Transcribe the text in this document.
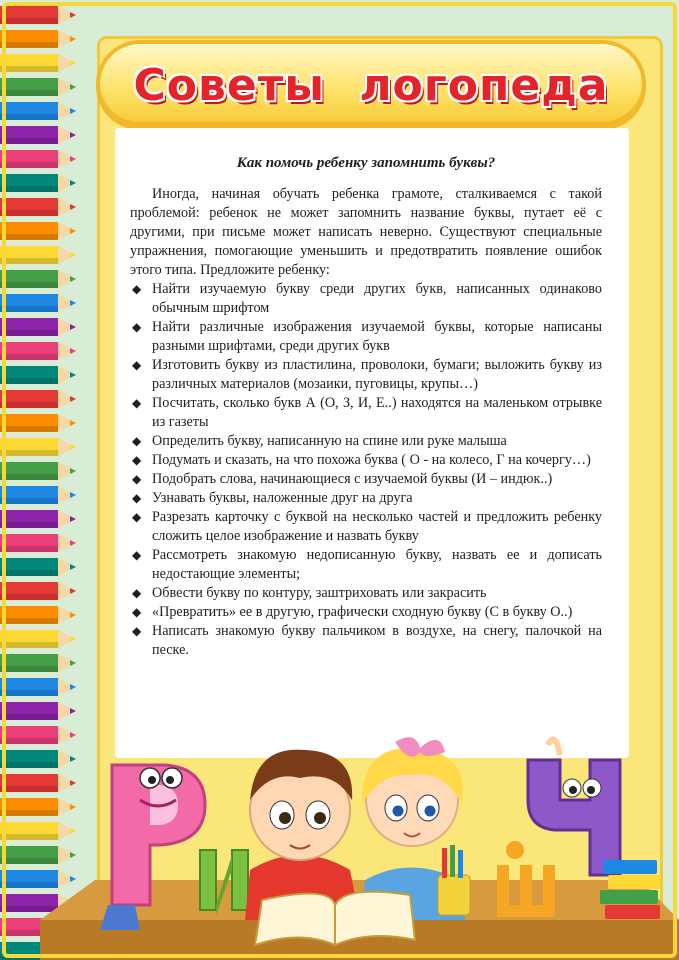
Советы логопеда

Как помочь ребенку запомнить буквы?

Иногда, начиная обучать ребенка грамоте, сталкиваемся с такой проблемой: ребенок не может запомнить название буквы, путает её с другими, при письме может написать неверно. Существуют специальные упражнения, помогающие уменьшить и предотвратить появление ошибок этого типа. Предложите ребенку:

◆ Найти изучаемую букву среди других букв, написанных одинаково обычным шрифтом
◆ Найти различные изображения изучаемой буквы, которые написаны разными шрифтами, среди других букв
◆ Изготовить букву из пластилина, проволоки, бумаги; выложить букву из различных материалов (мозаики, пуговицы, крупы…)
◆ Посчитать, сколько букв А (О, З, И, Е..) находятся на маленьком отрывке из газеты
◆ Определить букву, написанную на спине или руке малыша
◆ Подумать и сказать, на что похожа буква ( О - на колесо, Г на кочергу…)
◆ Подобрать слова, начинающиеся с изучаемой буквы (И – индюк..)
◆ Узнавать буквы, наложенные друг на друга
◆ Разрезать карточку с буквой на несколько частей и предложить ребенку сложить целое изображение и назвать букву
◆ Рассмотреть знакомую недописанную букву, назвать ее и дописать недостающие элементы;
◆ Обвести букву по контуру, заштриховать или закрасить
◆ «Превратить» ее в другую, графически сходную букву (С в букву О..)
◆ Написать знакомую букву пальчиком в воздухе, на снегу, палочкой на песке.
Р	И	Ш
Ч
